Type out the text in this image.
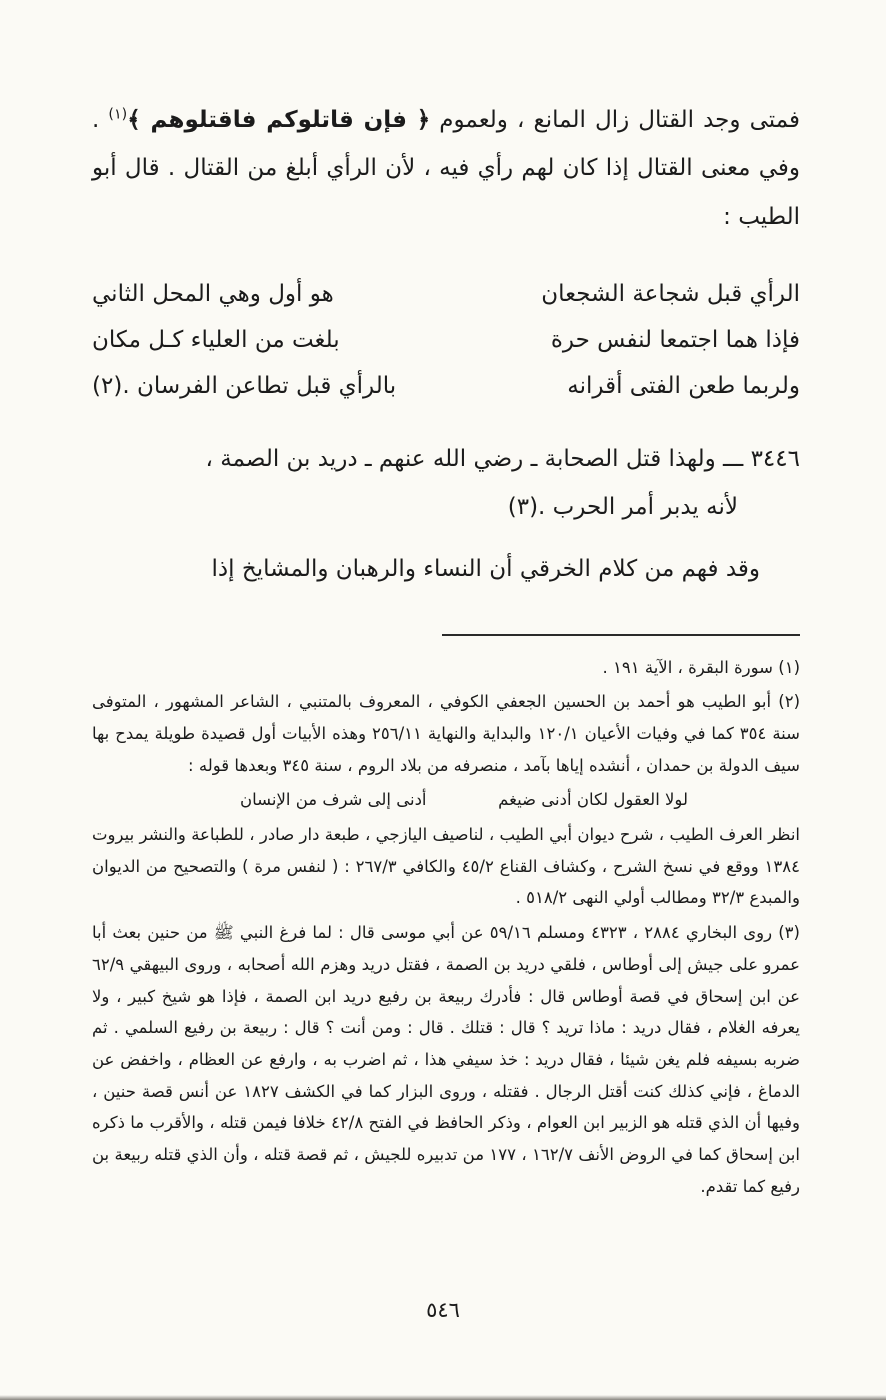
فمتى وجد القتال زال المانع ، ولعموم ﴿ فإن قاتلوكم فاقتلوهم ﴾$^{(١)}$ . وفي معنى القتال إذا كان لهم رأي فيه ، لأن الرأي أبلغ من القتال . قال أبو الطيب :

الرأي قبل شجاعة الشجعان
هو أول وهي المحل الثاني
فإذا هما اجتمعا لنفس حرة
بلغت من العلياء كـل مكان
ولربما طعن الفتى أقرانه
بالرأي قبل تطاعن الفرسان .(٢)

٣٤٤٦ ـــ ولهذا قتل الصحابة ـ رضي الله عنهم ـ دريد بن الصمة ،
لأنه يدبر أمر الحرب .(٣)

وقد فهم من كلام الخرقي أن النساء والرهبان والمشايخ إذا

(١) سورة البقرة ، الآية ١٩١ .

(٢) أبو الطيب هو أحمد بن الحسين الجعفي الكوفي ، المعروف بالمتنبي ، الشاعر المشهور ، المتوفى سنة ٣٥٤ كما في وفيات الأعيان ١٢٠/١ والبداية والنهاية ٢٥٦/١١ وهذه الأبيات أول قصيدة طويلة يمدح بها سيف الدولة بن حمدان ، أنشده إياها بآمد ، منصرفه من بلاد الروم ، سنة ٣٤٥ وبعدها قوله :

لولا العقول لكان أدنى ضيغم
أدنى إلى شرف من الإنسان

انظر العرف الطيب ، شرح ديوان أبي الطيب ، لناصيف اليازجي ، طبعة دار صادر ، للطباعة والنشر بيروت ١٣٨٤ ووقع في نسخ الشرح ، وكشاف القناع ٤٥/٢ والكافي ٢٦٧/٣ : ( لنفس مرة ) والتصحيح من الديوان والمبدع ٣٢/٣ ومطالب أولي النهى ٥١٨/٢ .

(٣) روى البخاري ٢٨٨٤ ، ٤٣٢٣ ومسلم ٥٩/١٦ عن أبي موسى قال : لما فرغ النبي ﷺ من حنين بعث أبا عمرو على جيش إلى أوطاس ، فلقي دريد بن الصمة ، فقتل دريد وهزم الله أصحابه ، وروى البيهقي ٦٢/٩ عن ابن إسحاق في قصة أوطاس قال : فأدرك ربيعة بن رفيع دريد ابن الصمة ، فإذا هو شيخ كبير ، ولا يعرفه الغلام ، فقال دريد : ماذا تريد ؟ قال : قتلك . قال : ومن أنت ؟ قال : ربيعة بن رفيع السلمي . ثم ضربه بسيفه فلم يغن شيئا ، فقال دريد : خذ سيفي هذا ، ثم اضرب به ، وارفع عن العظام ، واخفض عن الدماغ ، فإني كذلك كنت أقتل الرجال . فقتله ، وروى البزار كما في الكشف ١٨٢٧ عن أنس قصة حنين ، وفيها أن الذي قتله هو الزبير ابن العوام ، وذكر الحافظ في الفتح ٤٢/٨ خلافا فيمن قتله ، والأقرب ما ذكره ابن إسحاق كما في الروض الأنف ١٦٢/٧ ، ١٧٧ من تدبيره للجيش ، ثم قصة قتله ، وأن الذي قتله ربيعة بن رفيع كما تقدم.

٥٤٦
